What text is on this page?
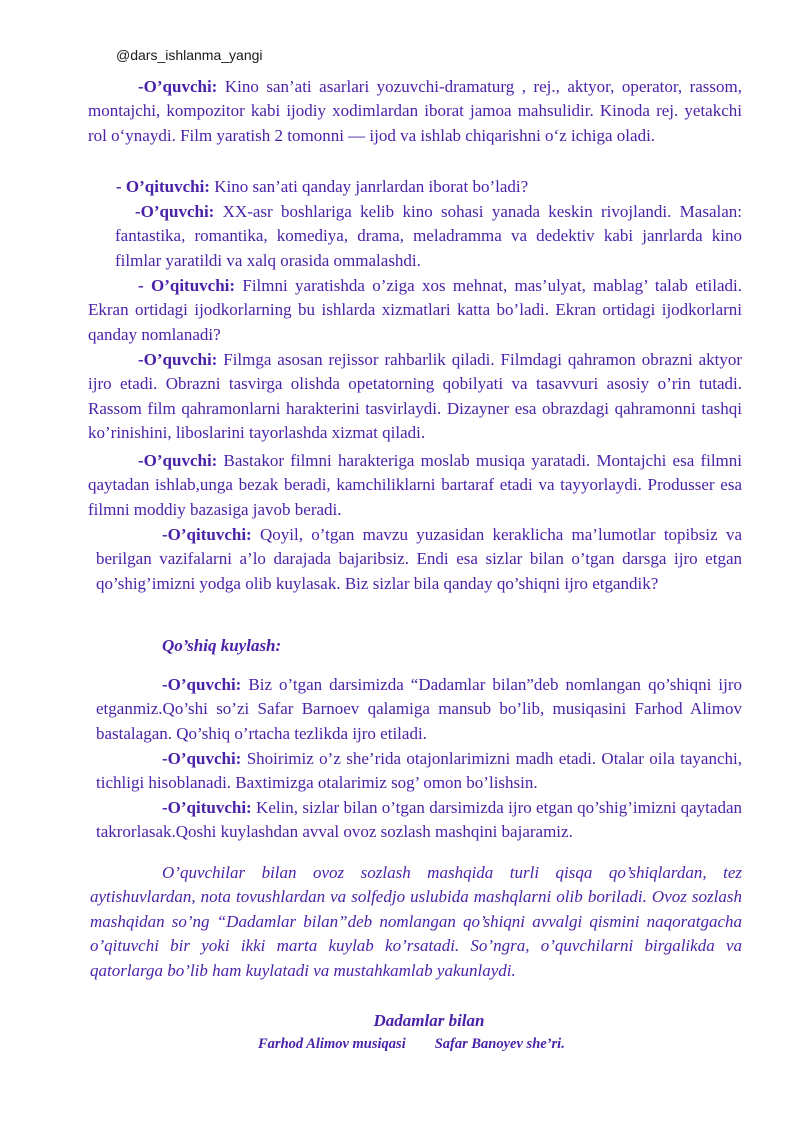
@dars_ishlanma_yangi

-O’quvchi: Kino san’ati asarlari yozuvchi-dramaturg , rej., aktyor, operator, rassom, montajchi, kompozitor kabi ijodiy xodimlardan iborat jamoa mahsulidir. Kinoda rej. yetakchi rol o‘ynaydi. Film yaratish 2 tomonni — ijod va ishlab chiqarishni o‘z ichiga oladi.

- O’qituvchi: Kino san’ati qanday janrlardan iborat bo’ladi?

-O’quvchi: XX-asr boshlariga kelib kino sohasi yanada keskin rivojlandi. Masalan: fantastika, romantika, komediya, drama, meladramma va dedektiv kabi janrlarda kino filmlar yaratildi va xalq orasida ommalashdi.

- O’qituvchi: Filmni yaratishda o’ziga xos mehnat, mas’ulyat, mablag’ talab etiladi. Ekran ortidagi ijodkorlarning bu ishlarda xizmatlari katta bo’ladi. Ekran ortidagi ijodkorlarni qanday nomlanadi?

-O’quvchi: Filmga asosan rejissor rahbarlik qiladi. Filmdagi qahramon obrazni aktyor ijro etadi. Obrazni tasvirga olishda opetatorning qobilyati va tasavvuri asosiy o’rin tutadi. Rassom film qahramonlarni harakterini tasvirlaydi. Dizayner esa obrazdagi qahramonni tashqi ko’rinishini, liboslarini tayorlashda xizmat qiladi.

-O’quvchi: Bastakor filmni harakteriga moslab musiqa yaratadi. Montajchi esa filmni qaytadan ishlab,unga bezak beradi, kamchiliklarni bartaraf etadi va tayyorlaydi. Produsser esa filmni moddiy bazasiga javob beradi.

-O’qituvchi: Qoyil, o’tgan mavzu yuzasidan keraklicha ma’lumotlar topibsiz va berilgan vazifalarni a’lo darajada bajaribsiz. Endi esa sizlar bilan o’tgan darsga ijro etgan qo’shig’imizni yodga olib kuylasak. Biz sizlar bila qanday qo’shiqni ijro etgandik?

Qo’shiq kuylash:

-O’quvchi: Biz o’tgan darsimizda “Dadamlar bilan”deb nomlangan qo’shiqni ijro etganmiz.Qo’shi so’zi Safar Barnoev qalamiga mansub bo’lib, musiqasini Farhod Alimov bastalagan. Qo’shiq o’rtacha tezlikda ijro etiladi.

-O’quvchi: Shoirimiz o’z she’rida otajonlarimizni madh etadi. Otalar oila tayanchi, tichligi hisoblanadi. Baxtimizga otalarimiz sog’ omon bo’lishsin.

-O’qituvchi: Kelin, sizlar bilan o’tgan darsimizda ijro etgan qo’shig’imizni qaytadan takrorlasak.Qoshi kuylashdan avval ovoz sozlash mashqini bajaramiz.

O’quvchilar bilan ovoz sozlash mashqida turli qisqa qo’shiqlardan, tez aytishuvlardan, nota tovushlardan va solfedjo uslubida mashqlarni olib boriladi. Ovoz sozlash mashqidan so’ng “Dadamlar bilan”deb nomlangan qo’shiqni avvalgi qismini naqoratgacha o’qituvchi bir yoki ikki marta kuylab ko’rsatadi. So’ngra, o’quvchilarni birgalikda va qatorlarga bo’lib ham kuylatadi va mustahkamlab yakunlaydi.

Dadamlar bilan
Farhod Alimov musiqasi Safar Banoyev she’ri.
